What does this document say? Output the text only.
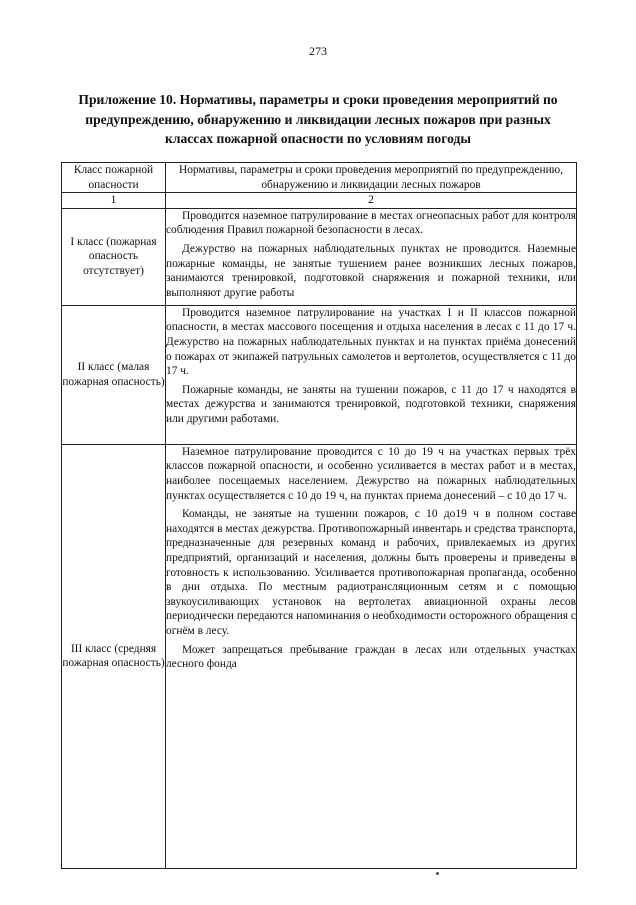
273
Приложение 10. Нормативы, параметры и сроки проведения мероприятий по предупреждению, обнаружению и ликвидации лесных пожаров при разных классах пожарной опасности по условиям погоды
Класс пожарной опасности	Нормативы, параметры и сроки проведения мероприятий по предупреждению, обнаружению и ликвидации лесных пожаров
1	2
I класс (пожарная опасность отсутствует)	Проводится наземное патрулирование в местах огнеопасных работ для контроля соблюдения Правил пожарной безопасности в лесах.

Дежурство на пожарных наблюдательных пунктах не проводится. Наземные пожарные команды, не занятые тушением ранее возникших лесных пожаров, занимаются тренировкой, подготовкой снаряжения и пожарной техники, или выполняют другие работы

II класс (малая пожарная опасность)	Проводится наземное патрулирование на участках I и II классов пожарной опасности, в местах массового посещения и отдыха населения в лесах с 11 до 17 ч. Дежурство на пожарных наблюдательных пунктах и на пунктах приёма донесений о пожарах от экипажей патрульных самолетов и вертолетов, осуществляется с 11 до 17 ч.

Пожарные команды, не заняты на тушении пожаров, с 11 до 17 ч находятся в местах дежурства и занимаются тренировкой, подготовкой техники, снаряжения или другими работами.

III класс (средняя пожарная опасность)	Наземное патрулирование проводится с 10 до 19 ч на участках первых трёх классов пожарной опасности, и особенно усиливается в местах работ и в местах, наиболее посещаемых населением. Дежурство на пожарных наблюдательных пунктах осуществляется с 10 до 19 ч, на пунктах приема донесений – с 10 до 17 ч.

Команды, не занятые на тушении пожаров, с 10 до19 ч в полном составе находятся в местах дежурства. Противопожарный инвентарь и средства транспорта, предназначенные для резервных команд и рабочих, привлекаемых из других предприятий, организаций и населения, должны быть проверены и приведены в готовность к использованию. Усиливается противопожарная пропаганда, особенно в дни отдыха. По местным радиотрансляционным сетям и с помощью звукоусиливающих установок на вертолетах авиационной охраны лесов периодически передаются напоминания о необходимости осторожного обращения с огнём в лесу.

Может запрещаться пребывание граждан в лесах или отдельных участках лесного фонда
